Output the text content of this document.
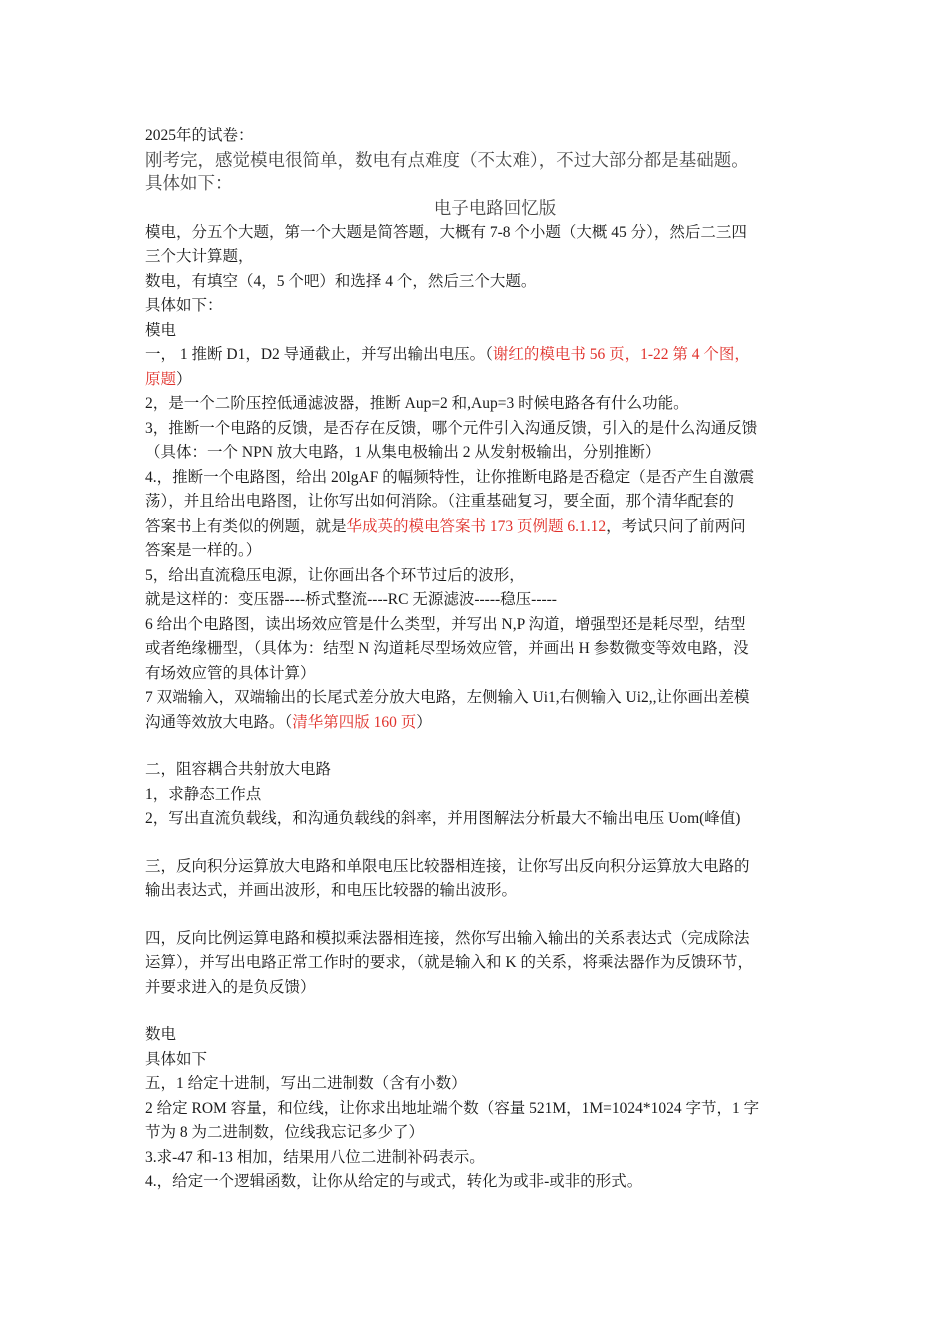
2025年的试卷：
刚考完，感觉模电很简单，数电有点难度（不太难），不过大部分都是基础题。
具体如下：
电子电路回忆版
模电，分五个大题，第一个大题是简答题，大概有 7-8 个小题（大概 45 分），然后二三四
三个大计算题，
数电，有填空（4，5 个吧）和选择 4 个，然后三个大题。
具体如下：
模电
一， 1 推断 D1，D2 导通截止，并写出输出电压。（谢红的模电书 56 页，1-22 第 4 个图，
原题）
2，是一个二阶压控低通滤波器，推断 Aup=2 和,Aup=3 时候电路各有什么功能。
3，推断一个电路的反馈，是否存在反馈，哪个元件引入沟通反馈，引入的是什么沟通反馈
（具体：一个 NPN 放大电路，1 从集电极输出 2 从发射极输出，分别推断）
4.，推断一个电路图，给出 20lgAF 的幅频特性，让你推断电路是否稳定（是否产生自激震
荡），并且给出电路图，让你写出如何消除。（注重基础复习，要全面，那个清华配套的
答案书上有类似的例题，就是华成英的模电答案书 173 页例题 6.1.12，考试只问了前两问
答案是一样的。）
5，给出直流稳压电源，让你画出各个环节过后的波形，
就是这样的：变压器----桥式整流----RC 无源滤波-----稳压-----
6 给出个电路图，读出场效应管是什么类型，并写出 N,P 沟道，增强型还是耗尽型，结型
或者绝缘栅型，（具体为：结型 N 沟道耗尽型场效应管，并画出 H 参数微变等效电路，没
有场效应管的具体计算）
7 双端输入，双端输出的长尾式差分放大电路，左侧输入 Ui1,右侧输入 Ui2,,让你画出差模
沟通等效放大电路。（清华第四版 160 页）
二，阻容耦合共射放大电路
1，求静态工作点
2，写出直流负载线，和沟通负载线的斜率，并用图解法分析最大不输出电压 Uom(峰值)
三，反向积分运算放大电路和单限电压比较器相连接，让你写出反向积分运算放大电路的
输出表达式，并画出波形，和电压比较器的输出波形。
四，反向比例运算电路和模拟乘法器相连接，然你写出输入输出的关系表达式（完成除法
运算），并写出电路正常工作时的要求，（就是输入和 K 的关系，将乘法器作为反馈环节，
并要求进入的是负反馈）
数电
具体如下
五，1 给定十进制，写出二进制数（含有小数）
2 给定 ROM 容量，和位线，让你求出地址端个数（容量 521M，1M=1024*1024 字节，1 字
节为 8 为二进制数，位线我忘记多少了）
3.求-47 和-13 相加，结果用八位二进制补码表示。
4.，给定一个逻辑函数，让你从给定的与或式，转化为或非-或非的形式。
